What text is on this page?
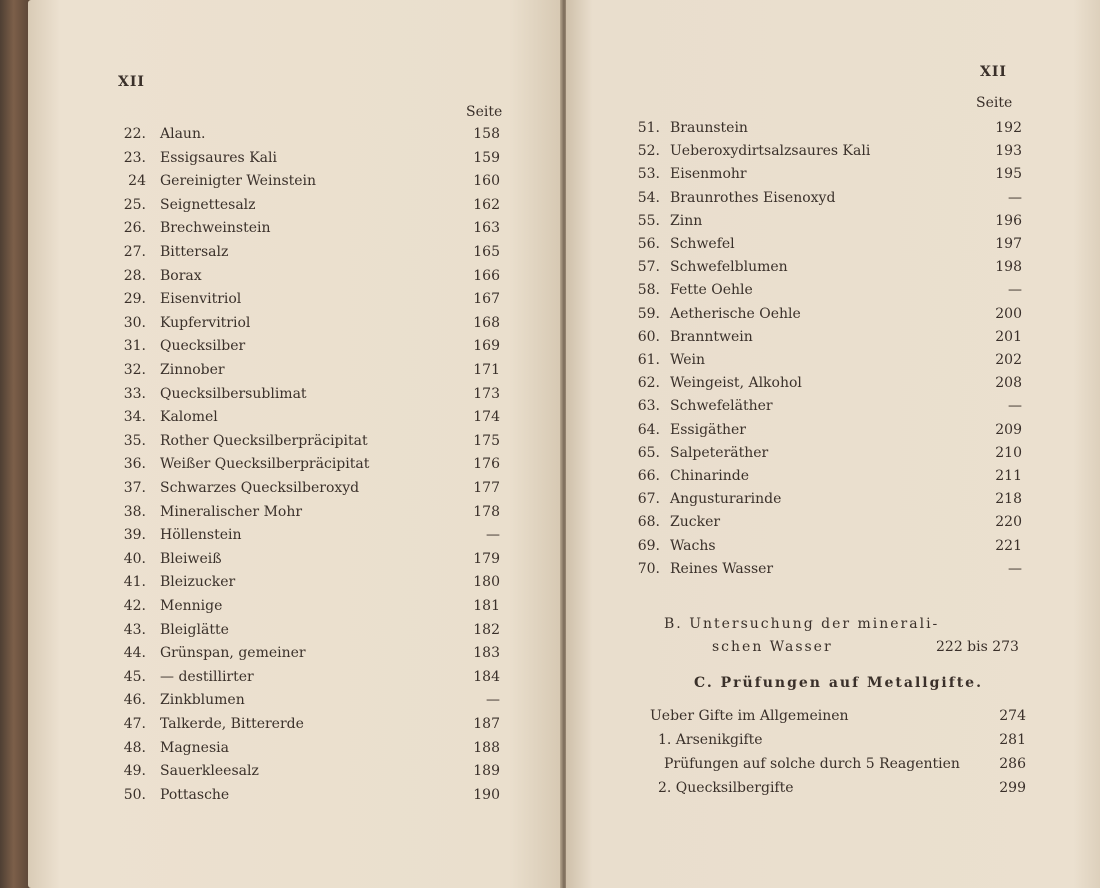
XII
Seite
22. Alaun.	158
23. Essigsaures Kali	159
24 Gereinigter Weinstein	160
25. Seignettesalz	162
26. Brechweinstein	163
27. Bittersalz	165
28. Borax	166
29. Eisenvitriol	167
30. Kupfervitriol	168
31. Quecksilber	169
32. Zinnober	171
33. Quecksilbersublimat	173
34. Kalomel	174
35. Rother Quecksilberpräcipitat	175
36. Weißer Quecksilberpräcipitat	176
37. Schwarzes Quecksilberoxyd	177
38. Mineralischer Mohr	178
39. Höllenstein	—
40. Bleiweiß	179
41. Bleizucker	180
42. Mennige	181
43. Bleiglätte	182
44. Grünspan, gemeiner	183
45. — destillirter	184
46. Zinkblumen	—
47. Talkerde, Bittererde	187
48. Magnesia	188
49. Sauerkleesalz	189
50. Pottasche	190
XII
Seite
51. Braunstein	192
52. Ueberoxydirtsalzsaures Kali	193
53. Eisenmohr	195
54. Braunrothes Eisenoxyd	—
55. Zinn	196
56. Schwefel	197
57. Schwefelblumen	198
58. Fette Oehle	—
59. Aetherische Oehle	200
60. Branntwein	201
61. Wein	202
62. Weingeist, Alkohol	208
63. Schwefeläther	—
64. Essigäther	209
65. Salpeteräther	210
66. Chinarinde	211
67. Angusturarinde	218
68. Zucker	220
69. Wachs	221
70. Reines Wasser	—
B. Untersuchung der minerali-
schen Wasser	222 bis 273
C. Prüfungen auf Metallgifte.
Ueber Gifte im Allgemeinen	274
1. Arsenikgifte	281
Prüfungen auf solche durch 5 Reagentien	286
2. Quecksilbergifte	299
